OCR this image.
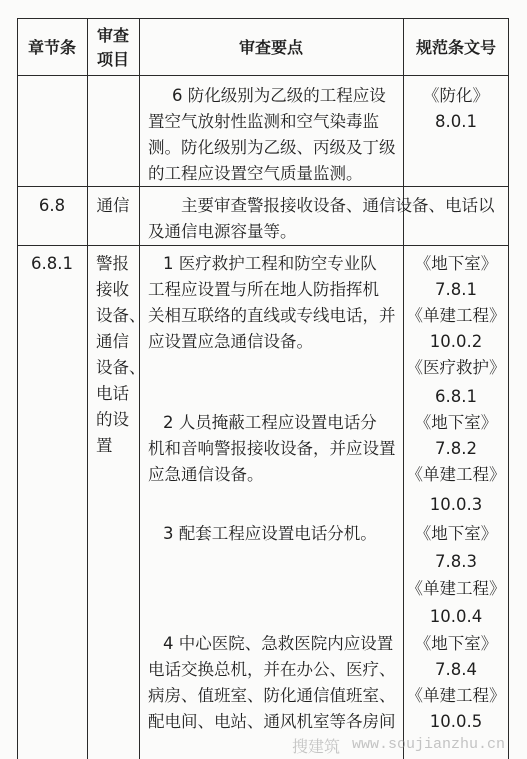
章节条
审查
项目
审查要点	规范条文号
6 防化级别为乙级的工程应设
置空气放射性监测和空气染毒监
测。防化级别为乙级、丙级及丁级
的工程应设置空气质量监测。
《防化》
8.0.1
6.8 通信	主要审查警报接收设备、通信设备、电话以
及通信电源容量等。
6.8.1 警报
接收
设备、
通信
设备、
电话
的设
置
1 医疗救护工程和防空专业队
工程应设置与所在地人防指挥机
关相互联络的直线或专线电话，并
应设置应急通信设备。
2 人员掩蔽工程应设置电话分
机和音响警报接收设备，并应设置
应急通信设备。
3 配套工程应设置电话分机。
4 中心医院、急救医院内应设置
电话交换总机，并在办公、医疗、
病房、值班室、防化通信值班室、
配电间、电站、通风机室等各房间
《地下室》
7.8.1
《单建工程》
10.0.2
《医疗救护》
6.8.1
《地下室》
7.8.2
《单建工程》
10.0.3
《地下室》
7.8.3
《单建工程》
10.0.4
《地下室》
7.8.4
《单建工程》
10.0.5
搜建筑 www.soujianzhu.cn
